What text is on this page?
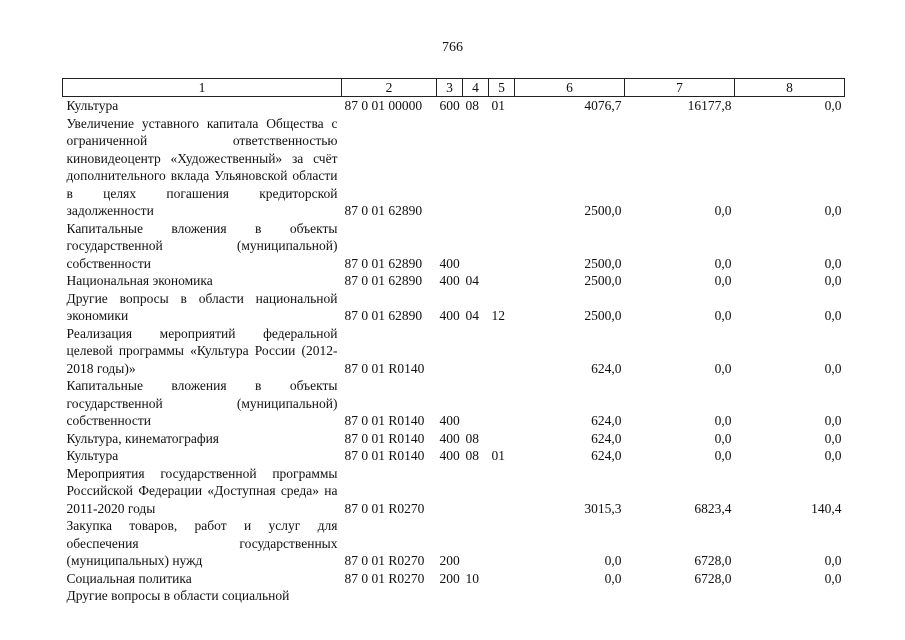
766
1	2	3	4	5	6	7	8
Культура	87 0 01 00000	600	08	01	4076,7	16177,8	0,0
Увеличение уставного капитала Общества с ограниченной ответственностью киновидеоцентр «Художественный» за счёт дополнительного вклада Ульяновской области в целях погашения кредиторской задолженности	87 0 01 62890				2500,0	0,0	0,0
Капитальные вложения в объекты государственной (муниципальной) собственности	87 0 01 62890	400			2500,0	0,0	0,0
Национальная экономика	87 0 01 62890	400	04		2500,0	0,0	0,0
Другие вопросы в области национальной экономики	87 0 01 62890	400	04	12	2500,0	0,0	0,0
Реализация мероприятий федеральной целевой программы «Культура России (2012-2018 годы)»	87 0 01 R0140				624,0	0,0	0,0
Капитальные вложения в объекты государственной (муниципальной) собственности	87 0 01 R0140	400			624,0	0,0	0,0
Культура, кинематография	87 0 01 R0140	400	08		624,0	0,0	0,0
Культура	87 0 01 R0140	400	08	01	624,0	0,0	0,0
Мероприятия государственной программы Российской Федерации «Доступная среда» на 2011-2020 годы	87 0 01 R0270				3015,3	6823,4	140,4
Закупка товаров, работ и услуг для обеспечения государственных (муниципальных) нужд	87 0 01 R0270	200			0,0	6728,0	0,0
Социальная политика	87 0 01 R0270	200	10		0,0	6728,0	0,0
Другие вопросы в области социальной							
